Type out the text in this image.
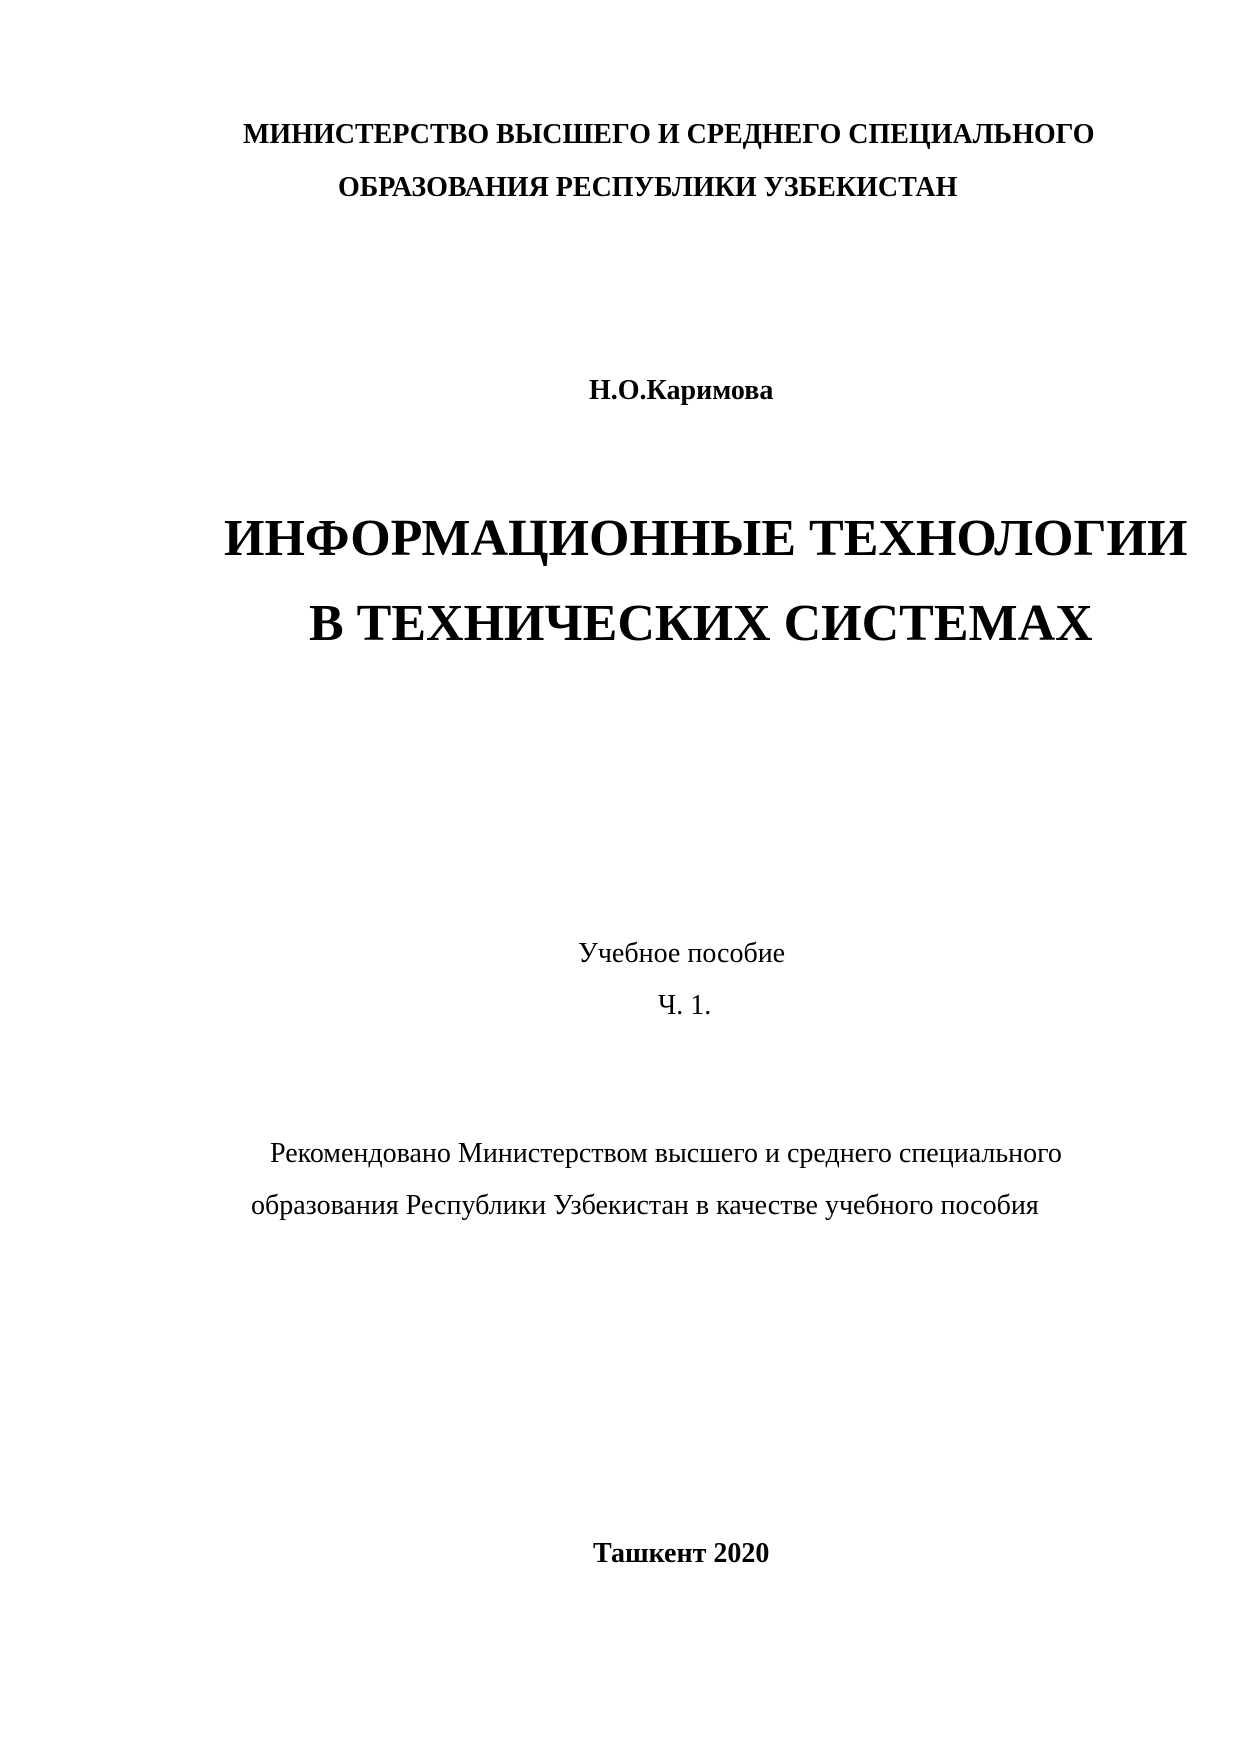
МИНИСТЕРСТВО ВЫСШЕГО И СРЕДНЕГО СПЕЦИАЛЬНОГО
ОБРАЗОВАНИЯ РЕСПУБЛИКИ УЗБЕКИСТАН
Н.О.Каримова
ИНФОРМАЦИОННЫЕ ТЕХНОЛОГИИ
В ТЕХНИЧЕСКИХ СИСТЕМАХ
Учебное пособие
Ч. 1.
Рекомендовано Министерством высшего и среднего специального
образования Республики Узбекистан в качестве учебного пособия
Ташкент 2020
